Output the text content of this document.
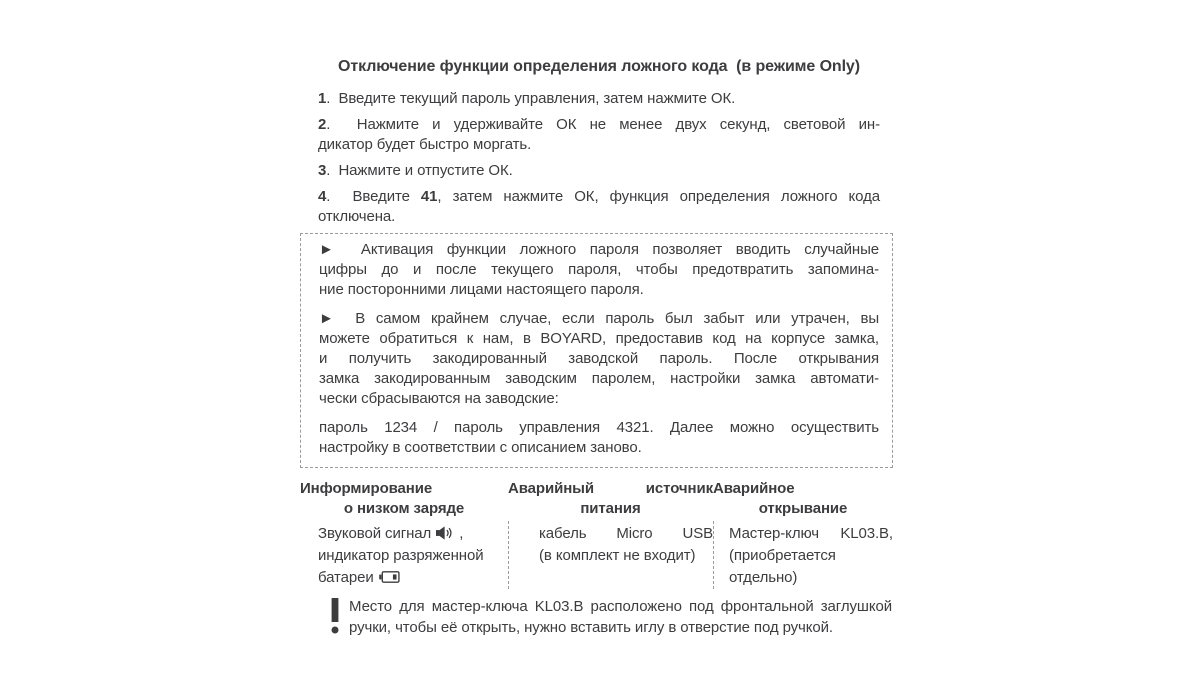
Отключение функции определения ложного кода  (в режиме Only)
1.  Введите текущий пароль управления, затем нажмите ОК.
2.  Нажмите и удерживайте ОК не менее двух секунд, световой ин-
дикатор будет быстро моргать.
3.  Нажмите и отпустите ОК.
4.  Введите 41, затем нажмите ОК, функция определения ложного кода
отключена.
►  Активация функции ложного пароля позволяет вводить случайные
цифры до и после текущего пароля, чтобы предотвратить запомина-
ние посторонними лицами настоящего пароля.
►  В самом крайнем случае, если пароль был забыт или утрачен, вы
можете обратиться к нам, в BOYARD, предоставив код на корпусе замка,
и получить закодированный заводской пароль. После открывания
замка закодированным заводским паролем, настройки замка автомати-
чески сбрасываются на заводские:
пароль 1234 / пароль управления 4321. Далее можно осуществить
настройку в соответствии с описанием заново.
Информирование
о низком заряде
Звуковой сигнал ,
индикатор разряженной
батареи
Аварийный источник
питания
кабель Micro USB
(в комплект не входит)
Аварийное
открывание
Мастер-ключ KL03.B,
(приобретается
отдельно)
Место для мастер-ключа KL03.B расположено под фронтальной заглушкой
ручки, чтобы её открыть, нужно вставить иглу в отверстие под ручкой.
